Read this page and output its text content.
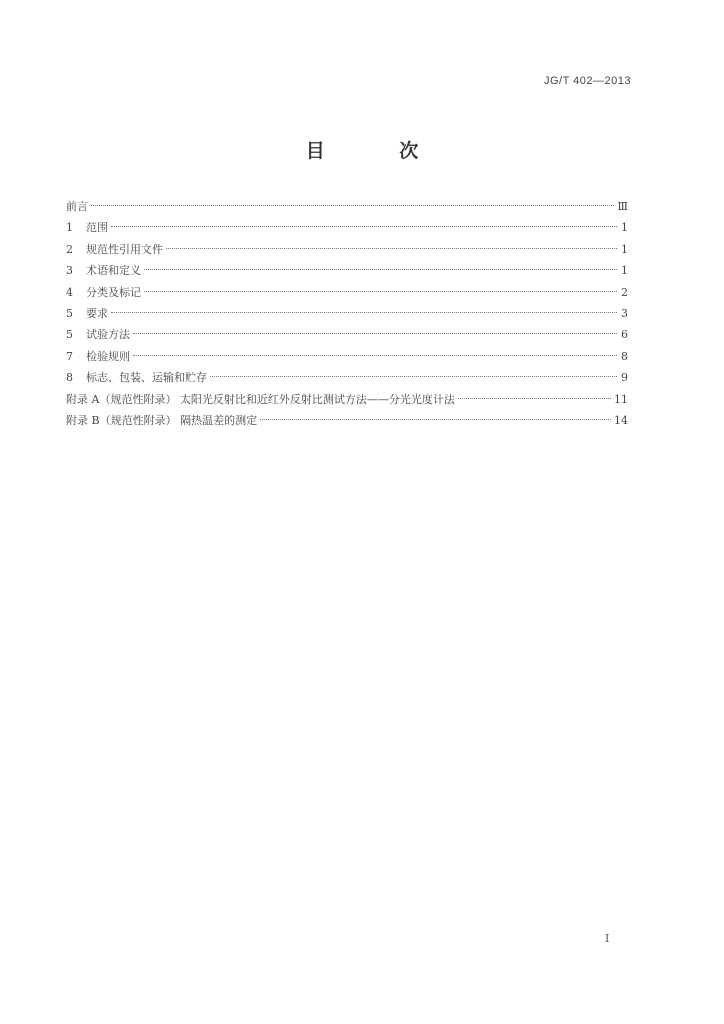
JG/T 402—2013
目 次
前言	Ⅲ
1	范围	1
2	规范性引用文件	1
3	术语和定义	1
4	分类及标记	2
5	要求	3
5	试验方法	6
7	检验规则	8
8	标志、包装、运输和贮存	9
附录 A（规范性附录） 太阳光反射比和近红外反射比测试方法——分光光度计法	11
附录 B（规范性附录） 隔热温差的测定	14
I
